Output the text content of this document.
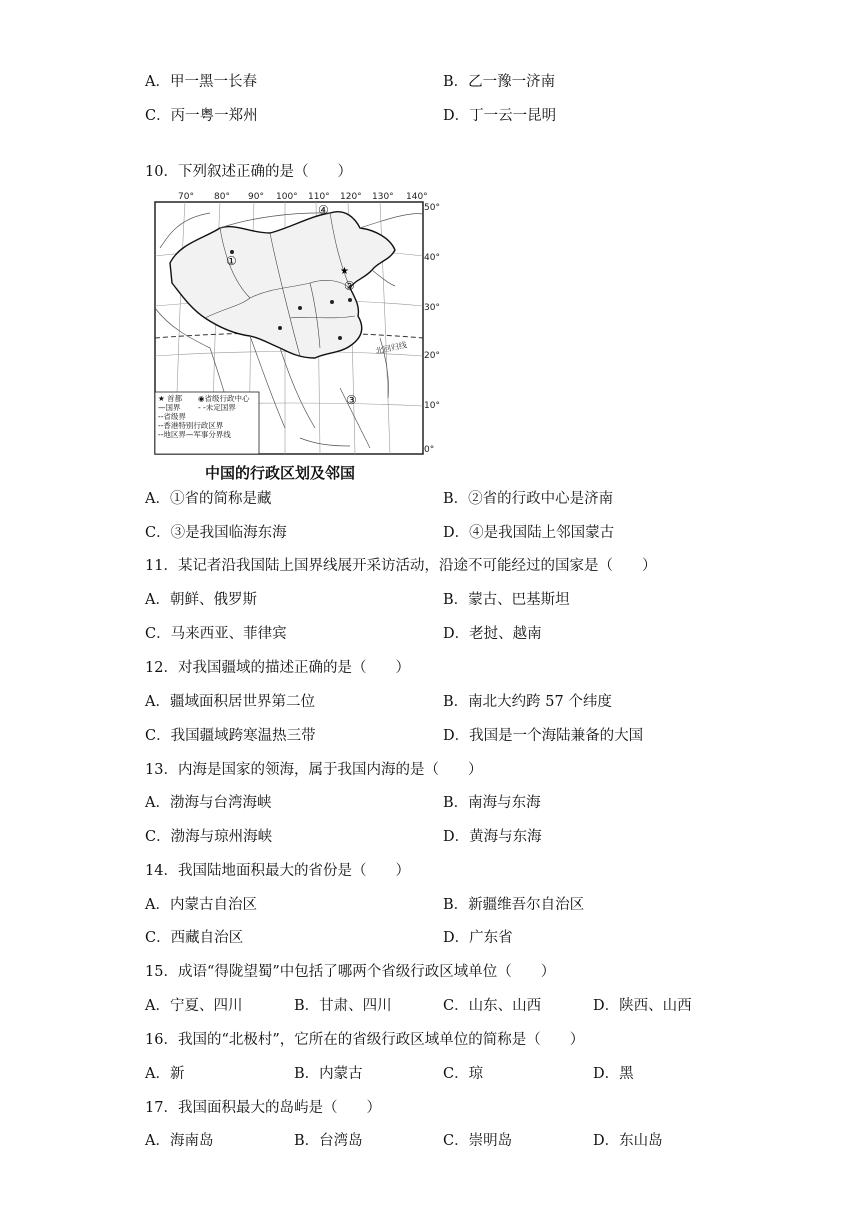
A．甲一黑一长春	B．乙一豫一济南
C．丙一粤一郑州	D．丁一云一昆明
10．下列叙述正确的是（　　）
70° 80° 90° 100° 110° 120° 130° 140°
50°
40°
30°
20°
10°
0°
①
②
③
④
★
北回归线
★ 首都 ◉省级行政中心
—国界 - -未定国界
--省级界
--香港特别行政区界
--地区界—军事分界线
中国的行政区划及邻国
A．①省的简称是藏	B．②省的行政中心是济南
C．③是我国临海东海	D．④是我国陆上邻国蒙古
11．某记者沿我国陆上国界线展开采访活动，沿途不可能经过的国家是（　　）
A．朝鲜、俄罗斯	B．蒙古、巴基斯坦
C．马来西亚、菲律宾	D．老挝、越南
12．对我国疆域的描述正确的是（　　）
A．疆域面积居世界第二位	B．南北大约跨 57 个纬度
C．我国疆域跨寒温热三带	D．我国是一个海陆兼备的大国
13．内海是国家的领海，属于我国内海的是（　　）
A．渤海与台湾海峡	B．南海与东海
C．渤海与琼州海峡	D．黄海与东海
14．我国陆地面积最大的省份是（　　）
A．内蒙古自治区	B．新疆维吾尔自治区
C．西藏自治区	D．广东省
15．成语“得陇望蜀”中包括了哪两个省级行政区域单位（　　）
A．宁夏、四川	B．甘肃、四川	C．山东、山西	D．陕西、山西
16．我国的“北极村”，它所在的省级行政区域单位的简称是（　　）
A．新	B．内蒙古	C．琼	D．黑
17．我国面积最大的岛屿是（　　）
A．海南岛	B．台湾岛	C．崇明岛	D．东山岛
